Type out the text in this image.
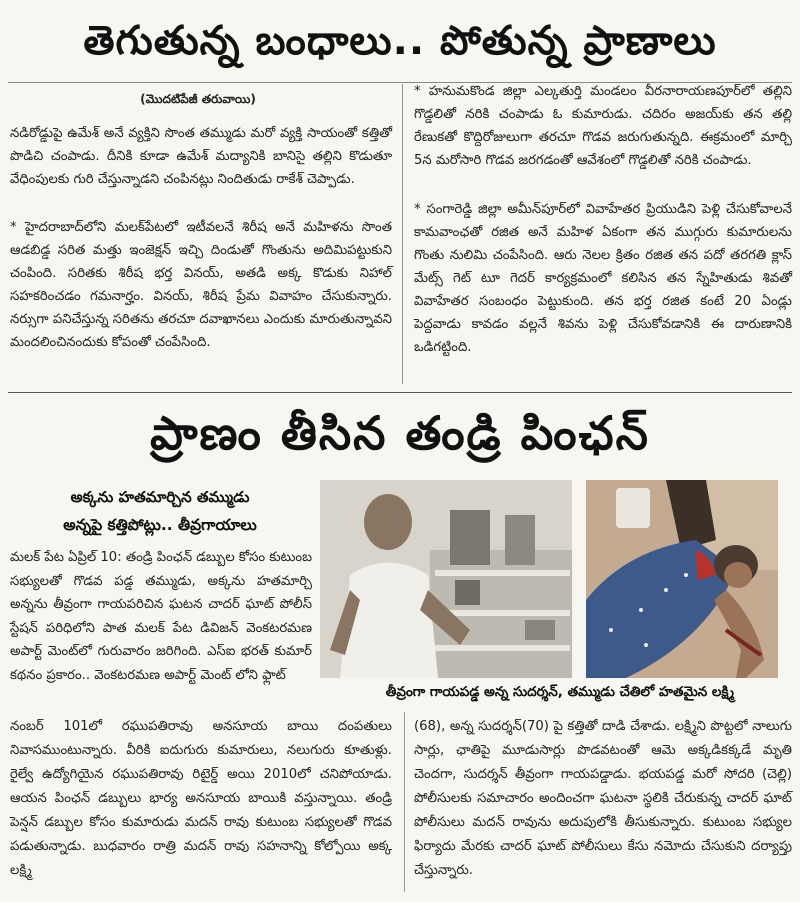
తెగుతున్న బంధాలు.. పోతున్న ప్రాణాలు
(మొదటిపేజీ తరువాయి)
నడిరోడ్డుపై ఉమేశ్ అనే వ్యక్తిని సొంత తమ్ముడు మరో వ్యక్తి సాయంతో కత్తితో పొడిచి చంపాడు. దీనికి కూడా ఉమేశ్ మద్యానికి బానిసై తల్లిని కొడుతూ వేధింపులకు గురి చేస్తున్నాడని చంపినట్లు నిందితుడు రాకేశ్ చెప్పాడు.
* హైదరాబాద్‌లోని మలక్‌పేటలో ఇటీవలనే శిరీష అనే మహిళను సొంత ఆడబిడ్డ సరిత మత్తు ఇంజెక్షన్ ఇచ్చి దిండుతో గొంతును అదిమిపట్టుకుని చంపింది. సరితకు శిరీష భర్త వినయ్, అతడి అక్క కొడుకు నిహాల్ సహకరించడం గమనార్హం. వినయ్, శిరీష ప్రేమ వివాహం చేసుకున్నారు. నర్సుగా పనిచేస్తున్న సరితను తరచూ దవాఖానలు ఎందుకు మారుతున్నావని మందలించినందుకు కోపంతో చంపేసింది.
* హనుమకొండ జిల్లా ఎల్కతుర్తి మండలం వీరనారాయణపూర్‌లో తల్లిని గొడ్డలితో నరికి చంపాడు ఓ కుమారుడు. చదిరం అజయ్‌కు తన తల్లి రేణుకతో కొద్దిరోజులుగా తరచూ గొడవ జరుగుతున్నది. ఈక్రమంలో మార్చి 5న మరోసారి గొడవ జరగడంతో ఆవేశంలో గొడ్డలితో నరికి చంపాడు.
* సంగారెడ్డి జిల్లా అమీన్‌పూర్‌లో వివాహేతర ప్రియుడిని పెళ్లి చేసుకోవాలనే కామవాంఛతో రజిత అనే మహిళ ఏకంగా తన ముగ్గురు కుమారులను గొంతు నులిమి చంపేసింది. ఆరు నెలల క్రితం రజిత తన పదో తరగతి క్లాస్ మేట్స్ గెట్ టూ గెదర్ కార్యక్రమంలో కలిసిన తన స్నేహితుడు శివతో వివాహేతర సంబంధం పెట్టుకుంది. తన భర్త రజిత కంటే 20 ఏండ్లు పెద్దవాడు కావడం వల్లనే శివను పెళ్లి చేసుకోవడానికి ఈ దారుణానికి ఒడిగట్టింది.
ప్రాణం తీసిన తండ్రి పింఛన్
అక్కను హతమార్చిన తమ్ముడు
అన్నపై కత్తిపోట్లు.. తీవ్రగాయాలు
మలక్ పేట ఏప్రిల్ 10: తండ్రి పింఛన్ డబ్బుల కోసం కుటుంబ సభ్యులతో గొడవ పడ్డ తమ్ముడు, అక్కను హతమార్చి అన్నను తీవ్రంగా గాయపరిచిన ఘటన చాదర్ ఘాట్ పోలీస్ స్టేషన్ పరిధిలోని పాత మలక్ పేట డివిజన్ వెంకటరమణ అపార్ట్ మెంట్‌లో గురువారం జరిగింది. ఎస్ఐ భరత్ కుమార్ కథనం ప్రకారం.. వెంకటరమణ అపార్ట్ మెంట్ లోని ఫ్లాట్
తీవ్రంగా గాయపడ్డ అన్న సుదర్శన్, తమ్ముడు చేతిలో హతమైన లక్ష్మి
నంబర్ 101లో రఘుపతిరావు అనసూయ బాయి దంపతులు నివాసముంటున్నారు. వీరికి ఐదుగురు కుమారులు, నలుగురు కూతుళ్లు. రైల్వే ఉద్యోగియైన రఘుపతిరావు రిటైర్డ్ అయి 2010లో చనిపోయాడు. ఆయన పింఛన్ డబ్బులు భార్య అనసూయ బాయికి వస్తున్నాయి. తండ్రి పెన్షన్ డబ్బుల కోసం కుమారుడు మదన్ రావు కుటుంబ సభ్యులతో గొడవ పడుతున్నాడు. బుధవారం రాత్రి మదన్ రావు సహనాన్ని కోల్పోయి అక్క లక్ష్మి
(68), అన్న సుదర్శన్(70) పై కత్తితో దాడి చేశాడు. లక్ష్మిని పొట్టలో నాలుగు సార్లు, ఛాతిపై మూడుసార్లు పొడవటంతో ఆమె అక్కడికక్కడే మృతి చెందగా, సుదర్శన్ తీవ్రంగా గాయపడ్డాడు. భయపడ్డ మరో సోదరి (చెల్లి) పోలీసులకు సమాచారం అందించగా ఘటనా స్థలికి చేరుకున్న చాదర్ ఘాట్ పోలీసులు మదన్ రావును అదుపులోకి తీసుకున్నారు. కుటుంబ సభ్యుల ఫిర్యాదు మేరకు చాదర్ ఘాట్ పోలీసులు కేసు నమోదు చేసుకుని దర్యాప్తు చేస్తున్నారు.
